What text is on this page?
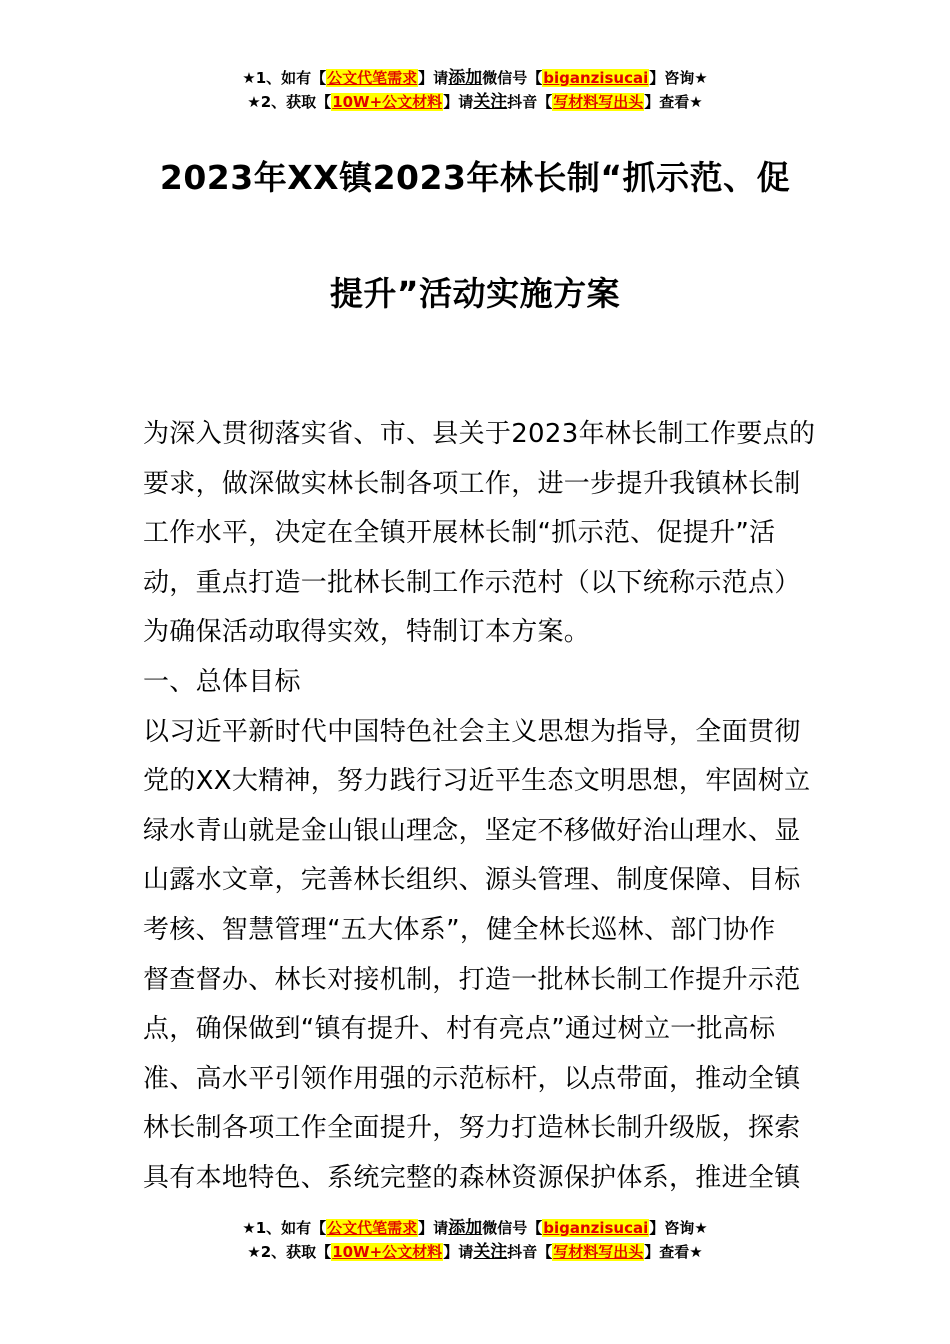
★1、如有【公文代笔需求】请添加微信号【biganzisucai】咨询★
★2、获取【10W+公文材料】请关注抖音【写材料写出头】查看★
2023年XX镇2023年林长制“抓示范、促
提升”活动实施方案
为深入贯彻落实省、市、县关于2023年林长制工作要点的
要求，做深做实林长制各项工作，进一步提升我镇林长制
工作水平，决定在全镇开展林长制“抓示范、促提升”活
动，重点打造一批林长制工作示范村（以下统称示范点）
为确保活动取得实效，特制订本方案。
一、总体目标
以习近平新时代中国特色社会主义思想为指导，全面贯彻
党的XX大精神，努力践行习近平生态文明思想，牢固树立
绿水青山就是金山银山理念，坚定不移做好治山理水、显
山露水文章，完善林长组织、源头管理、制度保障、目标
考核、智慧管理“五大体系”，健全林长巡林、部门协作
督查督办、林长对接机制，打造一批林长制工作提升示范
点，确保做到“镇有提升、村有亮点”通过树立一批高标
准、高水平引领作用强的示范标杆，以点带面，推动全镇
林长制各项工作全面提升，努力打造林长制升级版，探索
具有本地特色、系统完整的森林资源保护体系，推进全镇
★1、如有【公文代笔需求】请添加微信号【biganzisucai】咨询★
★2、获取【10W+公文材料】请关注抖音【写材料写出头】查看★
